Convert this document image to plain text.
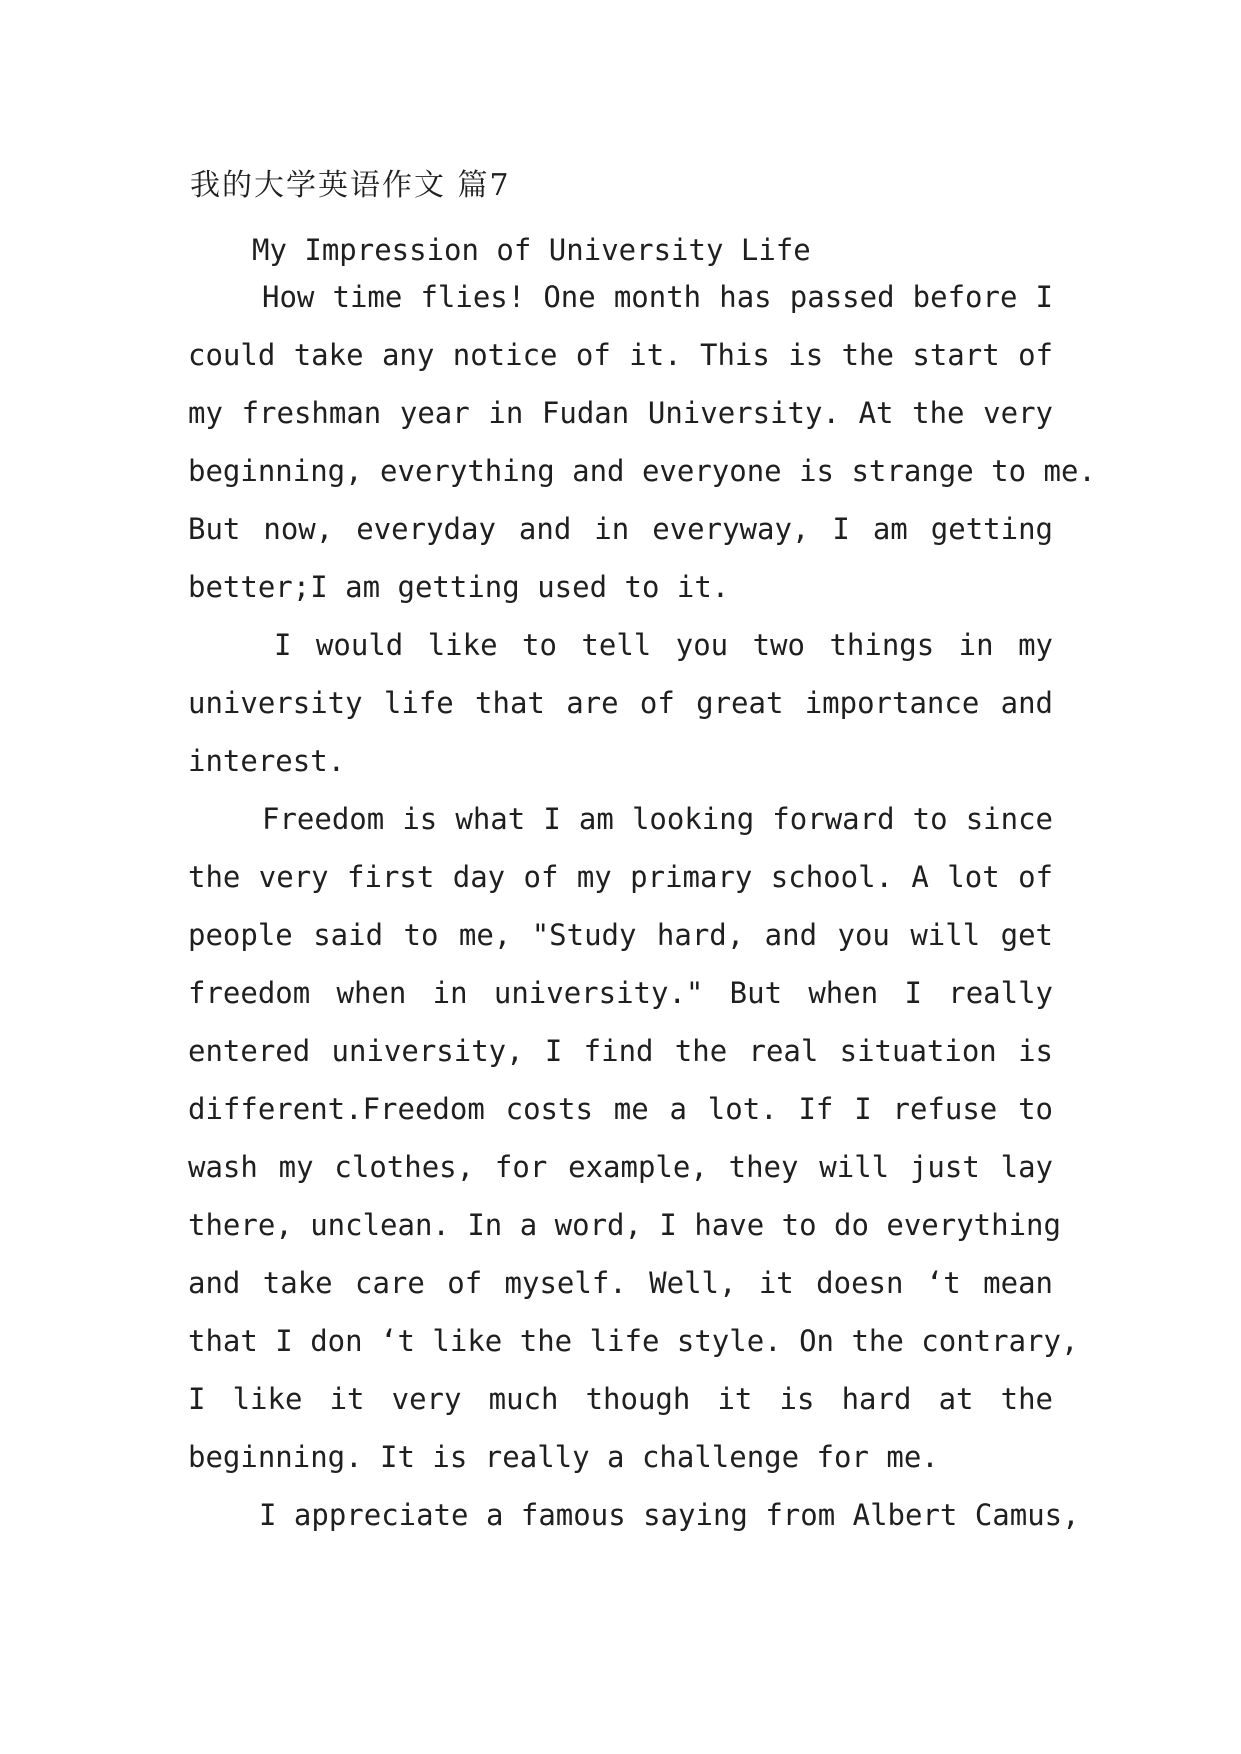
我的大学英语作文 篇7
My Impression of University Life
How time flies! One month has passed before I
could take any notice of it. This is the start of
my freshman year in Fudan University. At the very
beginning, everything and everyone is strange to me.
But now, everyday and in everyway, I am getting
better;I am getting used to it.
I would like to tell you two things in my
university life that are of great importance and
interest.
Freedom is what I am looking forward to since
the very first day of my primary school. A lot of
people said to me, "Study hard, and you will get
freedom when in university." But when I really
entered university, I find the real situation is
different.Freedom costs me a lot. If I refuse to
wash my clothes, for example, they will just lay
there, unclean. In a word, I have to do everything
and take care of myself. Well, it doesn ‘t mean
that I don ‘t like the life style. On the contrary,
I like it very much though it is hard at the
beginning. It is really a challenge for me.
I appreciate a famous saying from Albert Camus,
